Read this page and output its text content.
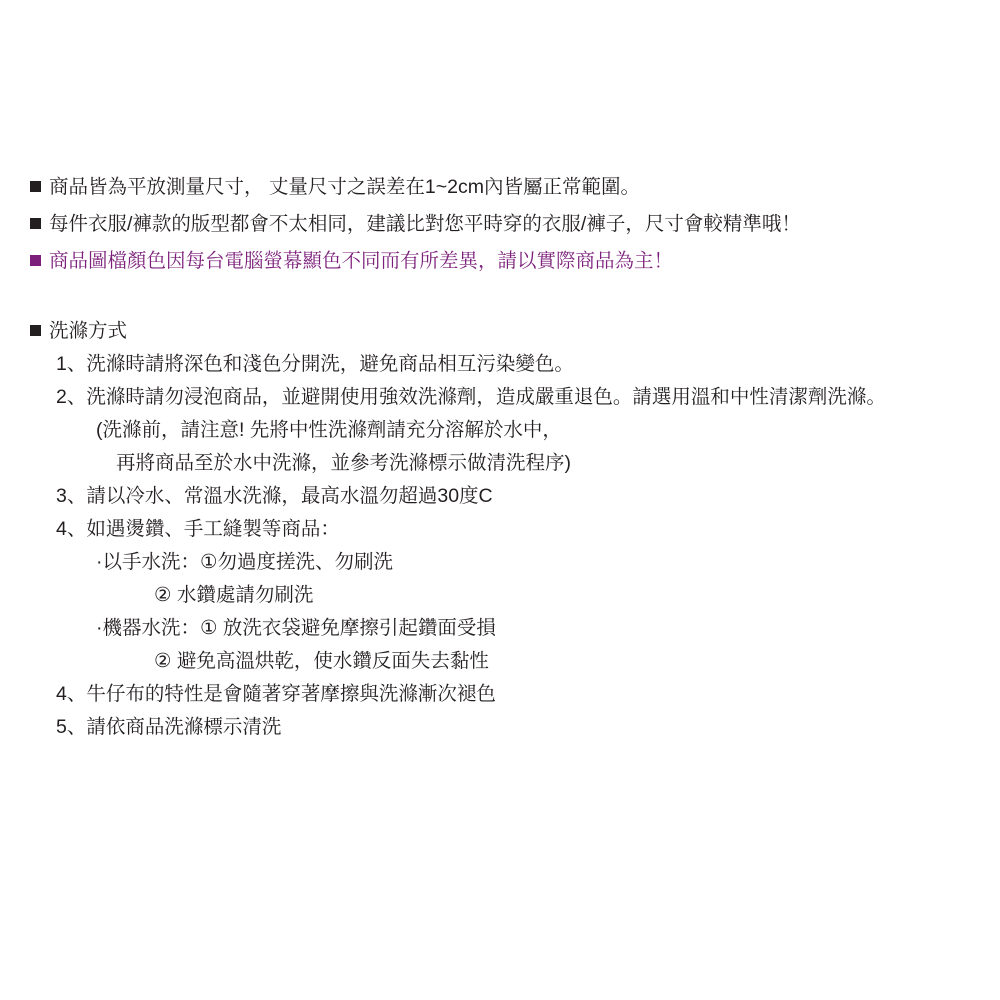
商品皆為平放測量尺寸， 丈量尺寸之誤差在1~2cm內皆屬正常範圍。
每件衣服/褲款的版型都會不太相同，建議比對您平時穿的衣服/褲子，尺寸會較精準哦！
商品圖檔顏色因每台電腦螢幕顯色不同而有所差異，請以實際商品為主！
洗滌方式
1、洗滌時請將深色和淺色分開洗，避免商品相互污染變色。
2、洗滌時請勿浸泡商品，並避開使用強效洗滌劑，造成嚴重退色。請選用溫和中性清潔劑洗滌。
(洗滌前，請注意! 先將中性洗滌劑請充分溶解於水中，
再將商品至於水中洗滌，並參考洗滌標示做清洗程序)
3、請以冷水、常溫水洗滌，最高水溫勿超過30度C
4、如遇燙鑽、手工縫製等商品：
·以手水洗：①勿過度搓洗、勿刷洗
② 水鑽處請勿刷洗
·機器水洗：① 放洗衣袋避免摩擦引起鑽面受損
② 避免高溫烘乾，使水鑽反面失去黏性
4、牛仔布的特性是會隨著穿著摩擦與洗滌漸次褪色
5、請依商品洗滌標示清洗
